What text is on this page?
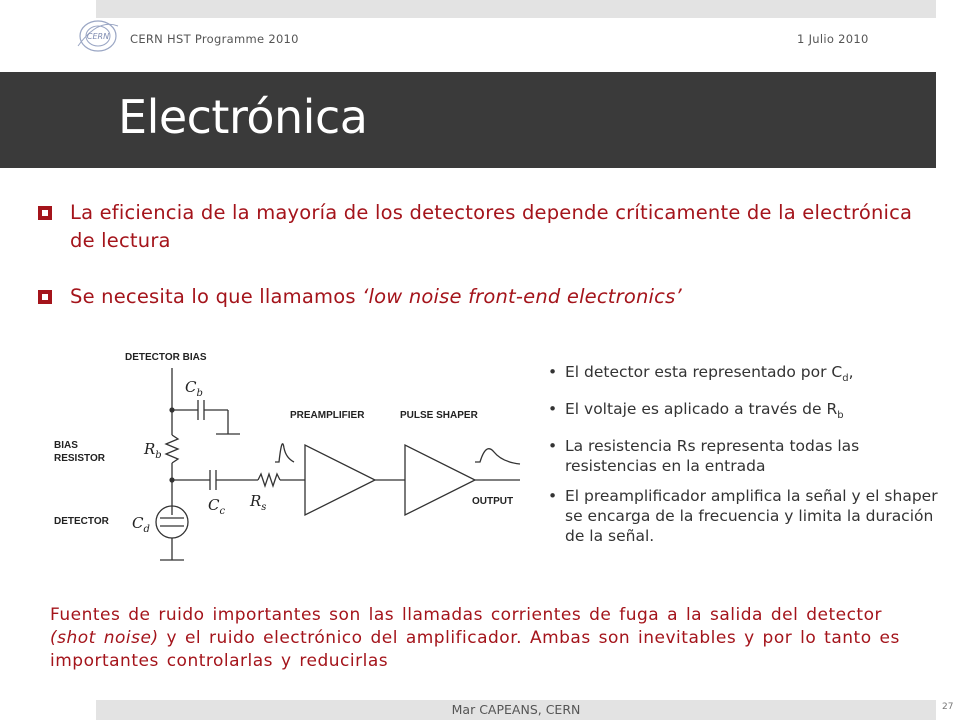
CERN CERN HST Programme 2010	1 Julio 2010
Electrónica
La eficiencia de la mayoría de los detectores depende críticamente de la electrónica de lectura
Se necesita lo que llamamos ‘low noise front-end electronics’
DETECTOR BIAS
BIAS
RESISTOR
DETECTOR
PREAMPLIFIER	PULSE SHAPER
OUTPUT
$C_b$
$R_b$
$C_c$
$R_s$
$C_d$
• El detector esta representado por $C_d$,
• El voltaje es aplicado a través de $R_b$
• La resistencia Rs representa todas las resistencias en la entrada
• El preamplificador amplifica la señal y el shaper se encarga de la frecuencia y limita la duración de la señal.

Fuentes de ruido importantes son las llamadas corrientes de fuga a la salida del detector (shot noise) y el ruido electrónico del amplificador. Ambas son inevitables y por lo tanto es importantes controlarlas y reducirlas

Mar CAPEANS, CERN	27
